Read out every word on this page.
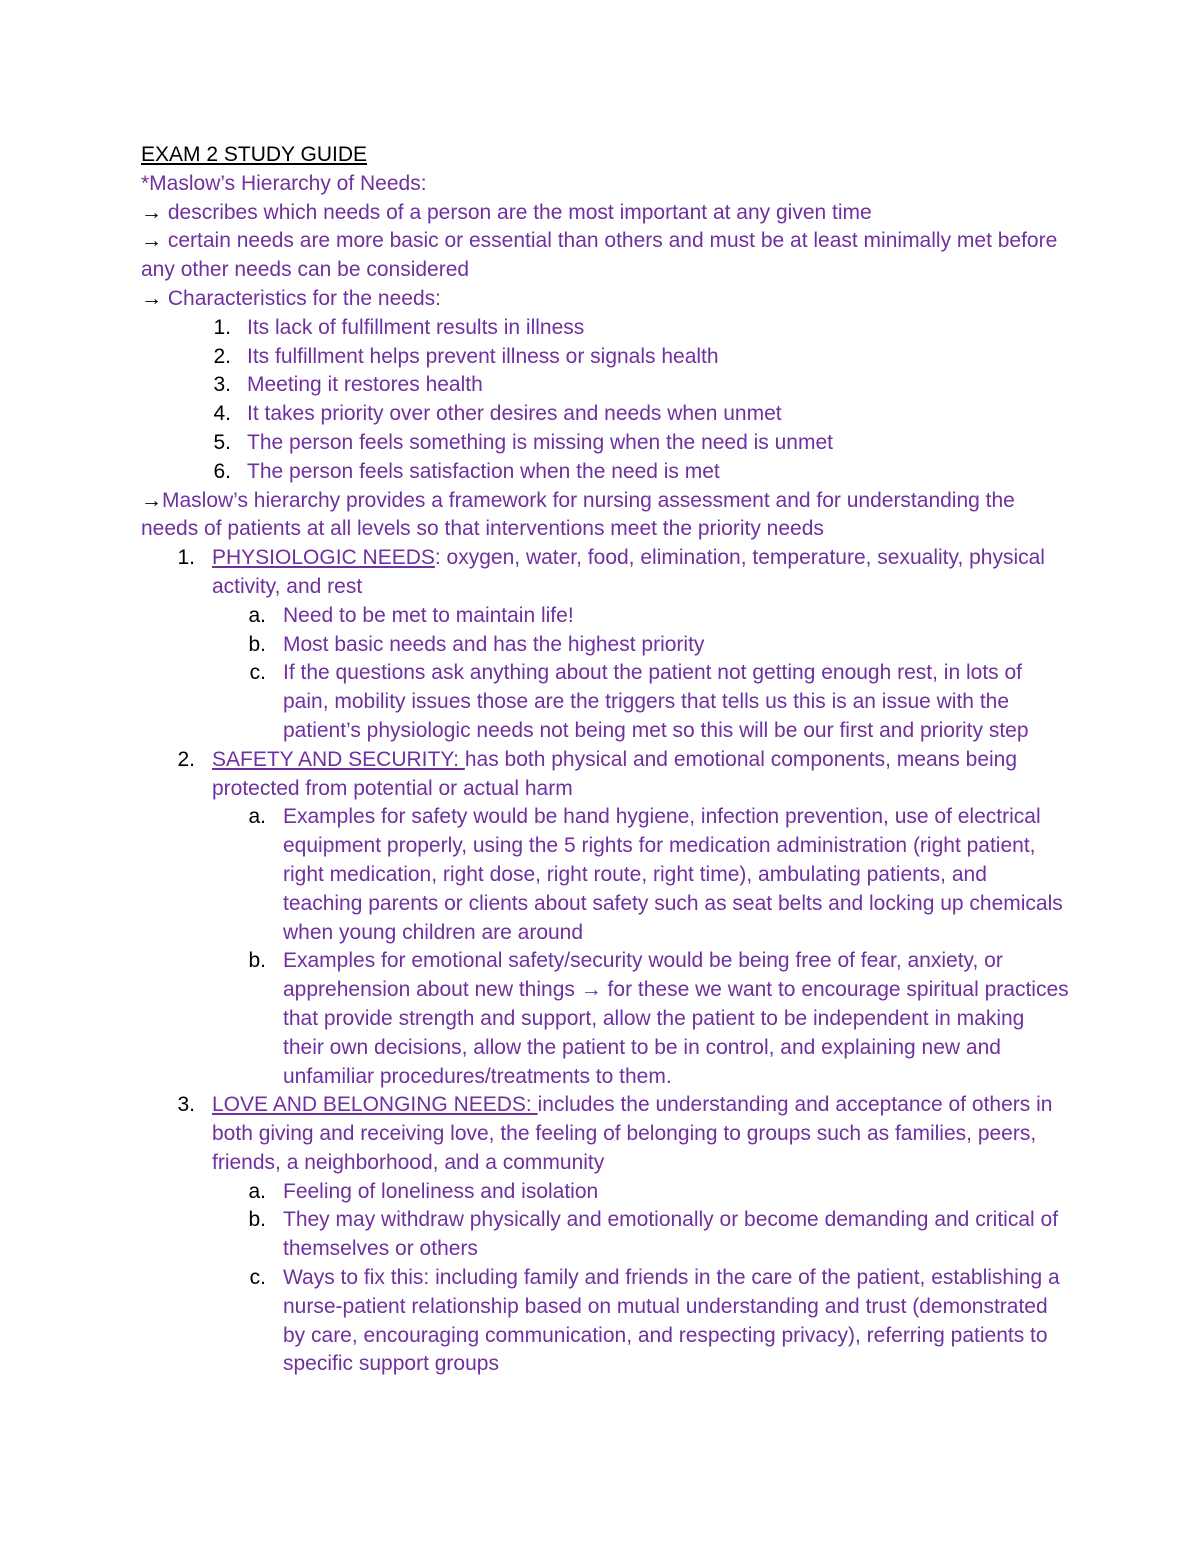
EXAM 2 STUDY GUIDE
*Maslow’s Hierarchy of Needs:
→ describes which needs of a person are the most important at any given time
→ certain needs are more basic or essential than others and must be at least minimally met before any other needs can be considered
→ Characteristics for the needs:
1. Its lack of fulfillment results in illness
2. Its fulfillment helps prevent illness or signals health
3. Meeting it restores health
4. It takes priority over other desires and needs when unmet
5. The person feels something is missing when the need is unmet
6. The person feels satisfaction when the need is met
→Maslow’s hierarchy provides a framework for nursing assessment and for understanding the needs of patients at all levels so that interventions meet the priority needs
1. PHYSIOLOGIC NEEDS: oxygen, water, food, elimination, temperature, sexuality, physical activity, and rest
a. Need to be met to maintain life!
b. Most basic needs and has the highest priority
c. If the questions ask anything about the patient not getting enough rest, in lots of pain, mobility issues those are the triggers that tells us this is an issue with the patient’s physiologic needs not being met so this will be our first and priority step
2. SAFETY AND SECURITY: has both physical and emotional components, means being protected from potential or actual harm
a. Examples for safety would be hand hygiene, infection prevention, use of electrical equipment properly, using the 5 rights for medication administration (right patient, right medication, right dose, right route, right time), ambulating patients, and teaching parents or clients about safety such as seat belts and locking up chemicals when young children are around
b. Examples for emotional safety/security would be being free of fear, anxiety, or apprehension about new things → for these we want to encourage spiritual practices that provide strength and support, allow the patient to be independent in making their own decisions, allow the patient to be in control, and explaining new and unfamiliar procedures/treatments to them.
3. LOVE AND BELONGING NEEDS: includes the understanding and acceptance of others in both giving and receiving love, the feeling of belonging to groups such as families, peers, friends, a neighborhood, and a community
a. Feeling of loneliness and isolation
b. They may withdraw physically and emotionally or become demanding and critical of themselves or others
c. Ways to fix this: including family and friends in the care of the patient, establishing a nurse-patient relationship based on mutual understanding and trust (demonstrated by care, encouraging communication, and respecting privacy), referring patients to specific support groups
